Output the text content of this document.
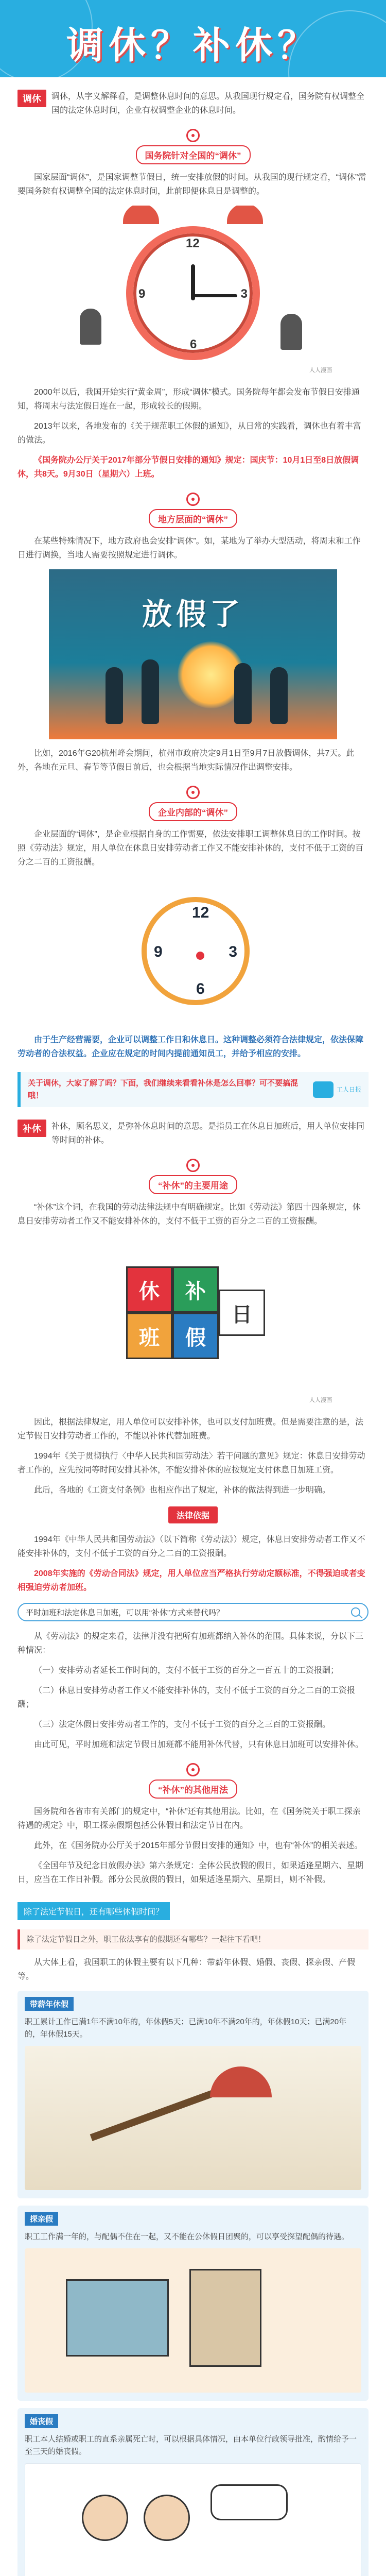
调休？补休？
调休	调休，从字义解释看，是调整休息时间的意思。从我国现行规定看，国务院有权调整全国的法定休息时间，企业有权调整企业的休息时间。
国务院针对全国的“调休”

国家层面“调休”，是国家调整节假日，统一安排放假的时间。从我国的现行规定看，“调休”需要国务院有权调整全国的法定休息时间，此前即便休息日是调整的。

12
3
6
9
人人漫画

2000年以后，我国开始实行“黄金周”，形成“调休”模式。国务院每年都会发布节假日安排通知，将周末与法定假日连在一起，形成较长的假期。

2013年以来，各地发布的《关于规范职工休假的通知》，从日常的实践看，调休也有着丰富的做法。

《国务院办公厅关于2017年部分节假日安排的通知》规定：国庆节：10月1日至8日放假调休，共8天。9月30日（星期六）上班。

地方层面的“调休”

在某些特殊情况下，地方政府也会安排“调休”。如，某地为了举办大型活动，将周末和工作日进行调换，当地人需要按照规定进行调休。

放假了

比如，2016年G20杭州峰会期间，杭州市政府决定9月1日至9月7日放假调休，共7天。此外，各地在元旦、春节等节假日前后，也会根据当地实际情况作出调整安排。

企业内部的“调休”

企业层面的“调休”，是企业根据自身的工作需要，依法安排职工调整休息日的工作时间。按照《劳动法》规定，用人单位在休息日安排劳动者工作又不能安排补休的，支付不低于工资的百分之二百的工资报酬。

12
3
6
9

由于生产经营需要，企业可以调整工作日和休息日。这种调整必须符合法律规定，依法保障劳动者的合法权益。企业应在规定的时间内提前通知员工，并给予相应的安排。

关于调休，大家了解了吗？下面，我们继续来看看补休是怎么回事？可不要搞混哦！
工人日报
补休	补休，顾名思义，是弥补休息时间的意思。是指员工在休息日加班后，用人单位安排同等时间的补休。
“补休”的主要用途

“补休”这个词，在我国的劳动法律法规中有明确规定。比如《劳动法》第四十四条规定，休息日安排劳动者工作又不能安排补休的，支付不低于工资的百分之二百的工资报酬。

休	补
班	假
日
人人漫画

因此，根据法律规定，用人单位可以安排补休，也可以支付加班费。但是需要注意的是，法定节假日安排劳动者工作的，不能以补休代替加班费。

1994年《关于贯彻执行〈中华人民共和国劳动法〉若干问题的意见》规定：休息日安排劳动者工作的，应先按同等时间安排其补休，不能安排补休的应按规定支付休息日加班工资。

此后，各地的《工资支付条例》也相应作出了规定，补休的做法得到进一步明确。

法律依据

1994年《中华人民共和国劳动法》（以下简称《劳动法》）规定，休息日安排劳动者工作又不能安排补休的，支付不低于工资的百分之二百的工资报酬。

2008年实施的《劳动合同法》规定，用人单位应当严格执行劳动定额标准，不得强迫或者变相强迫劳动者加班。

平时加班和法定休息日加班，可以用“补休”方式来替代吗？

从《劳动法》的规定来看，法律并没有把所有加班都纳入补休的范围。具体来说，分以下三种情况：

（一）安排劳动者延长工作时间的，支付不低于工资的百分之一百五十的工资报酬；

（二）休息日安排劳动者工作又不能安排补休的，支付不低于工资的百分之二百的工资报酬；

（三）法定休假日安排劳动者工作的，支付不低于工资的百分之三百的工资报酬。

由此可见，平时加班和法定节假日加班都不能用补休代替，只有休息日加班可以安排补休。

“补休”的其他用法

国务院和各省市有关部门的规定中，“补休”还有其他用法。比如，在《国务院关于职工探亲待遇的规定》中，职工探亲假期包括公休假日和法定节日在内。

此外，在《国务院办公厅关于2015年部分节假日安排的通知》中，也有“补休”的相关表述。

《全国年节及纪念日放假办法》第六条规定：全体公民放假的假日，如果适逢星期六、星期日，应当在工作日补假。部分公民放假的假日，如果适逢星期六、星期日，则不补假。

除了法定节假日，还有哪些休假时间？
除了法定节假日之外，职工依法享有的假期还有哪些？一起往下看吧！

从大体上看，我国职工的休假主要有以下几种：带薪年休假、婚假、丧假、探亲假、产假等。

带薪年休假
职工累计工作已满1年不满10年的，年休假5天；已满10年不满20年的，年休假10天；已满20年的，年休假15天。
探亲假
职工工作满一年的，与配偶不住在一起，又不能在公休假日团聚的，可以享受探望配偶的待遇。
婚丧假
职工本人结婚或职工的直系亲属死亡时，可以根据具体情况，由本单位行政领导批准，酌情给予一至三天的婚丧假。
